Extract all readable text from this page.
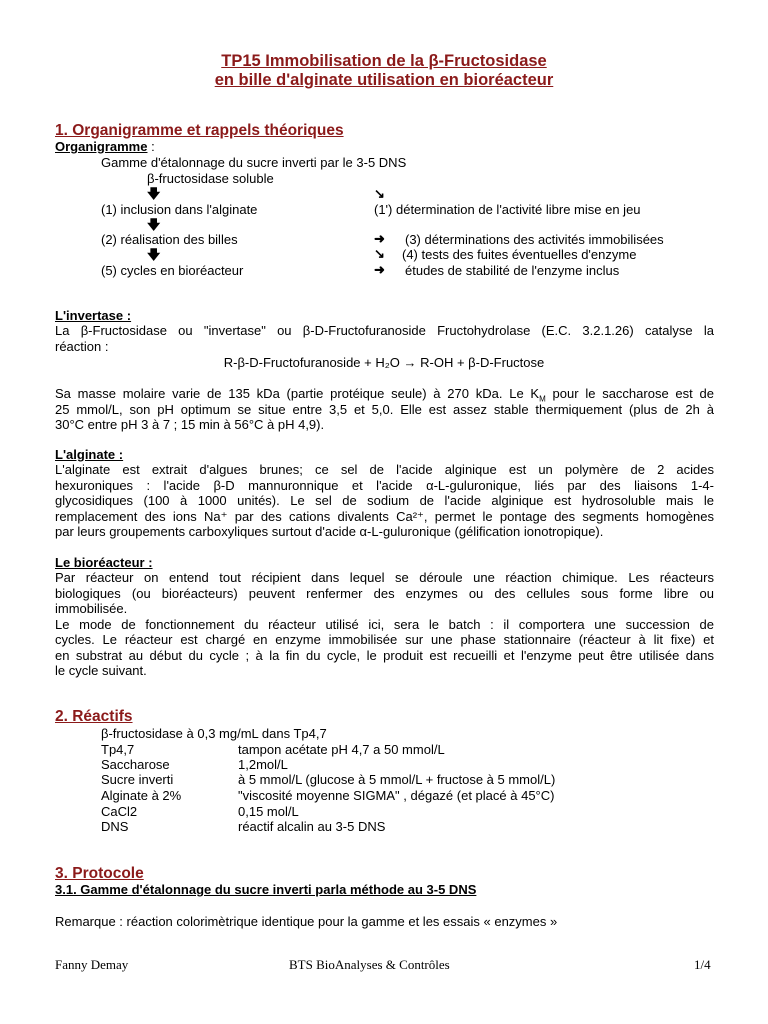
TP15 Immobilisation de la β-Fructosidase
en bille d'alginate utilisation en bioréacteur
1. Organigramme et rappels théoriques
Organigramme :
Gamme d'étalonnage du sucre inverti par le 3-5 DNS
β-fructosidase soluble
🡇	↘
(1) inclusion dans l'alginate	(1') détermination de l'activité libre mise en jeu
🡇
(2) réalisation des billes	➜ (3) déterminations des activités immobilisées
🡇	↘ (4) tests des fuites éventuelles d'enzyme
(5) cycles en bioréacteur	➜ études de stabilité de l'enzyme inclus
L'invertase :
La β-Fructosidase ou "invertase" ou β-D-Fructofuranoside Fructohydrolase (E.C. 3.2.1.26) catalyse la
réaction :
R-β-D-Fructofuranoside + H₂O → R-OH + β-D-Fructose
Sa masse molaire varie de 135 kDa (partie protéique seule) à 270 kDa. Le $K_M$ pour le saccharose est de
25 mmol/L, son pH optimum se situe entre 3,5 et 5,0. Elle est assez stable thermiquement (plus de 2h à
30°C entre pH 3 à 7 ; 15 min à 56°C à pH 4,9).
L'alginate :
L'alginate est extrait d'algues brunes; ce sel de l'acide alginique est un polymère de 2 acides
hexuroniques : l'acide β-D mannuronnique et l'acide α-L-guluronique, liés par des liaisons 1-4-
glycosidiques (100 à 1000 unités). Le sel de sodium de l'acide alginique est hydrosoluble mais le
remplacement des ions Na⁺ par des cations divalents Ca²⁺, permet le pontage des segments homogènes
par leurs groupements carboxyliques surtout d'acide α-L-guluronique (gélification ionotropique).
Le bioréacteur :
Par réacteur on entend tout récipient dans lequel se déroule une réaction chimique. Les réacteurs
biologiques (ou bioréacteurs) peuvent renfermer des enzymes ou des cellules sous forme libre ou
immobilisée.
Le mode de fonctionnement du réacteur utilisé ici, sera le batch : il comportera une succession de
cycles. Le réacteur est chargé en enzyme immobilisée sur une phase stationnaire (réacteur à lit fixe) et
en substrat au début du cycle ; à la fin du cycle, le produit est recueilli et l'enzyme peut être utilisée dans
le cycle suivant.
2. Réactifs
β-fructosidase à 0,3 mg/mL dans Tp4,7
Tp4,7	tampon acétate pH 4,7 a 50 mmol/L
Saccharose	1,2mol/L
Sucre inverti	à 5 mmol/L (glucose à 5 mmol/L + fructose à 5 mmol/L)
Alginate à 2%	"viscosité moyenne SIGMA" , dégazé (et placé à 45°C)
CaCl2	0,15 mol/L
DNS	réactif alcalin au 3-5 DNS
3. Protocole
3.1. Gamme d'étalonnage du sucre inverti parla méthode au 3-5 DNS
Remarque : réaction colorimètrique identique pour la gamme et les essais « enzymes »
Fanny Demay	BTS BioAnalyses & Contrôles	1/4
